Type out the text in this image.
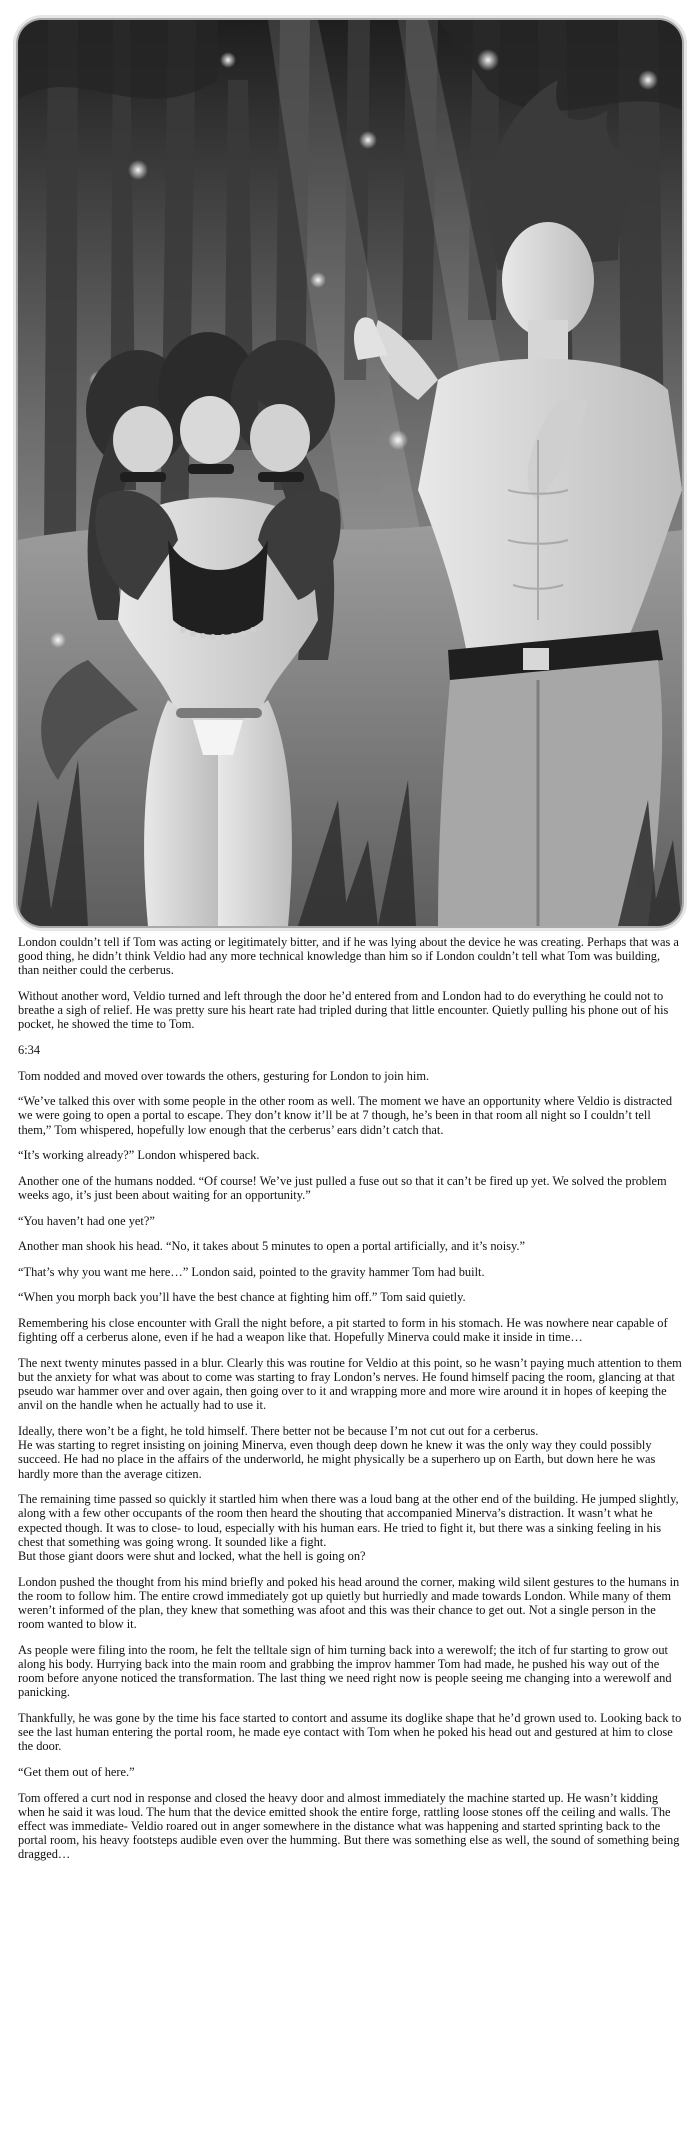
London couldn’t tell if Tom was acting or legitimately bitter, and if he was lying about the device he was creating. Perhaps that was a good thing, he didn’t think Veldio had any more technical knowledge than him so if London couldn’t tell what Tom was building, than neither could the cerberus.

Without another word, Veldio turned and left through the door he’d entered from and London had to do everything he could not to breathe a sigh of relief. He was pretty sure his heart rate had tripled during that little encounter. Quietly pulling his phone out of his pocket, he showed the time to Tom.

6:34

Tom nodded and moved over towards the others, gesturing for London to join him.

“We’ve talked this over with some people in the other room as well. The moment we have an opportunity where Veldio is distracted we were going to open a portal to escape. They don’t know it’ll be at 7 though, he’s been in that room all night so I couldn’t tell them,” Tom whispered, hopefully low enough that the cerberus’ ears didn’t catch that.

“It’s working already?” London whispered back.

Another one of the humans nodded. “Of course! We’ve just pulled a fuse out so that it can’t be fired up yet. We solved the problem weeks ago, it’s just been about waiting for an opportunity.”

“You haven’t had one yet?”

Another man shook his head. “No, it takes about 5 minutes to open a portal artificially, and it’s noisy.”

“That’s why you want me here…” London said, pointed to the gravity hammer Tom had built.

“When you morph back you’ll have the best chance at fighting him off.” Tom said quietly.

Remembering his close encounter with Grall the night before, a pit started to form in his stomach. He was nowhere near capable of fighting off a cerberus alone, even if he had a weapon like that. Hopefully Minerva could make it inside in time…

The next twenty minutes passed in a blur. Clearly this was routine for Veldio at this point, so he wasn’t paying much attention to them but the anxiety for what was about to come was starting to fray London’s nerves. He found himself pacing the room, glancing at that pseudo war hammer over and over again, then going over to it and wrapping more and more wire around it in hopes of keeping the anvil on the handle when he actually had to use it.

Ideally, there won’t be a fight, he told himself. There better not be because I’m not cut out for a cerberus.
He was starting to regret insisting on joining Minerva, even though deep down he knew it was the only way they could possibly succeed. He had no place in the affairs of the underworld, he might physically be a superhero up on Earth, but down here he was hardly more than the average citizen.

The remaining time passed so quickly it startled him when there was a loud bang at the other end of the building. He jumped slightly, along with a few other occupants of the room then heard the shouting that accompanied Minerva’s distraction. It wasn’t what he expected though. It was to close- to loud, especially with his human ears. He tried to fight it, but there was a sinking feeling in his chest that something was going wrong. It sounded like a fight.
But those giant doors were shut and locked, what the hell is going on?

London pushed the thought from his mind briefly and poked his head around the corner, making wild silent gestures to the humans in the room to follow him. The entire crowd immediately got up quietly but hurriedly and made towards London. While many of them weren’t informed of the plan, they knew that something was afoot and this was their chance to get out. Not a single person in the room wanted to blow it.

As people were filing into the room, he felt the telltale sign of him turning back into a werewolf; the itch of fur starting to grow out along his body. Hurrying back into the main room and grabbing the improv hammer Tom had made, he pushed his way out of the room before anyone noticed the transformation. The last thing we need right now is people seeing me changing into a werewolf and panicking.

Thankfully, he was gone by the time his face started to contort and assume its doglike shape that he’d grown used to. Looking back to see the last human entering the portal room, he made eye contact with Tom when he poked his head out and gestured at him to close the door.

“Get them out of here.”

Tom offered a curt nod in response and closed the heavy door and almost immediately the machine started up. He wasn’t kidding when he said it was loud. The hum that the device emitted shook the entire forge, rattling loose stones off the ceiling and walls. The effect was immediate- Veldio roared out in anger somewhere in the distance what was happening and started sprinting back to the portal room, his heavy footsteps audible even over the humming. But there was something else as well, the sound of something being dragged…
